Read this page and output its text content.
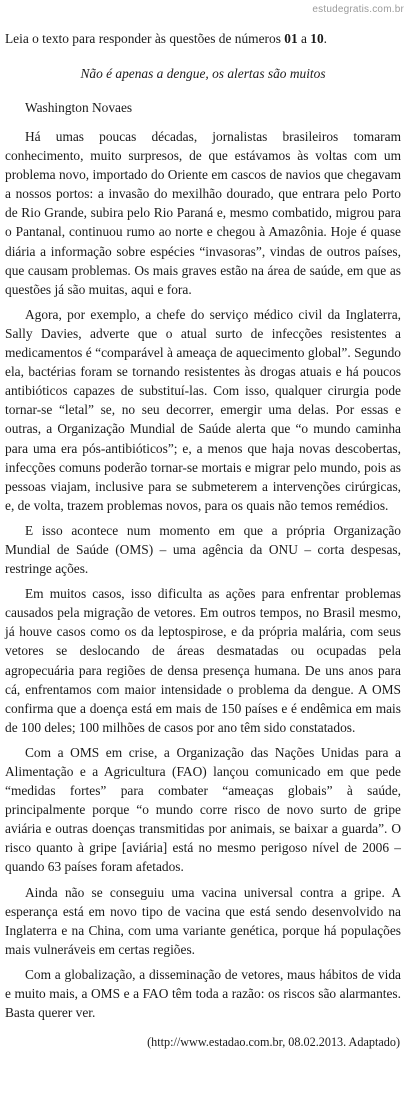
estudegratis.com.br

Leia o texto para responder às questões de números 01 a 10.

Não é apenas a dengue, os alertas são muitos

Washington Novaes

Há umas poucas décadas, jornalistas brasileiros tomaram conhecimento, muito surpresos, de que estávamos às voltas com um problema novo, importado do Oriente em cascos de navios que chegavam a nossos portos: a invasão do mexilhão dourado, que entrara pelo Porto de Rio Grande, subira pelo Rio Paraná e, mesmo combatido, migrou para o Pantanal, continuou rumo ao norte e chegou à Amazônia. Hoje é quase diária a informação sobre espécies “invasoras”, vindas de outros países, que causam problemas. Os mais graves estão na área de saúde, em que as questões já são muitas, aqui e fora.

Agora, por exemplo, a chefe do serviço médico civil da Inglaterra, Sally Davies, adverte que o atual surto de infecções resistentes a medicamentos é “comparável à ameaça de aquecimento global”. Segundo ela, bactérias foram se tornando resistentes às drogas atuais e há poucos antibióticos capazes de substituí-las. Com isso, qualquer cirurgia pode tornar-se “letal” se, no seu decorrer, emergir uma delas. Por essas e outras, a Organização Mundial de Saúde alerta que “o mundo caminha para uma era pós-antibióticos”; e, a menos que haja novas descobertas, infecções comuns poderão tornar-se mortais e migrar pelo mundo, pois as pessoas viajam, inclusive para se submeterem a intervenções cirúrgicas, e, de volta, trazem problemas novos, para os quais não temos remédios.

E isso acontece num momento em que a própria Organização Mundial de Saúde (OMS) – uma agência da ONU – corta despesas, restringe ações.

Em muitos casos, isso dificulta as ações para enfrentar problemas causados pela migração de vetores. Em outros tempos, no Brasil mesmo, já houve casos como os da leptospirose, e da própria malária, com seus vetores se deslocando de áreas desmatadas ou ocupadas pela agropecuária para regiões de densa presença humana. De uns anos para cá, enfrentamos com maior intensidade o problema da dengue. A OMS confirma que a doença está em mais de 150 países e é endêmica em mais de 100 deles; 100 milhões de casos por ano têm sido constatados.

Com a OMS em crise, a Organização das Nações Unidas para a Alimentação e a Agricultura (FAO) lançou comunicado em que pede “medidas fortes” para combater “ameaças globais” à saúde, principalmente porque “o mundo corre risco de novo surto de gripe aviária e outras doenças transmitidas por animais, se baixar a guarda”. O risco quanto à gripe [aviária] está no mesmo perigoso nível de 2006 – quando 63 países foram afetados.

Ainda não se conseguiu uma vacina universal contra a gripe. A esperança está em novo tipo de vacina que está sendo desenvolvido na Inglaterra e na China, com uma variante genética, porque há populações mais vulneráveis em certas regiões.

Com a globalização, a disseminação de vetores, maus hábitos de vida e muito mais, a OMS e a FAO têm toda a razão: os riscos são alarmantes. Basta querer ver.

(http://www.estadao.com.br, 08.02.2013. Adaptado)
